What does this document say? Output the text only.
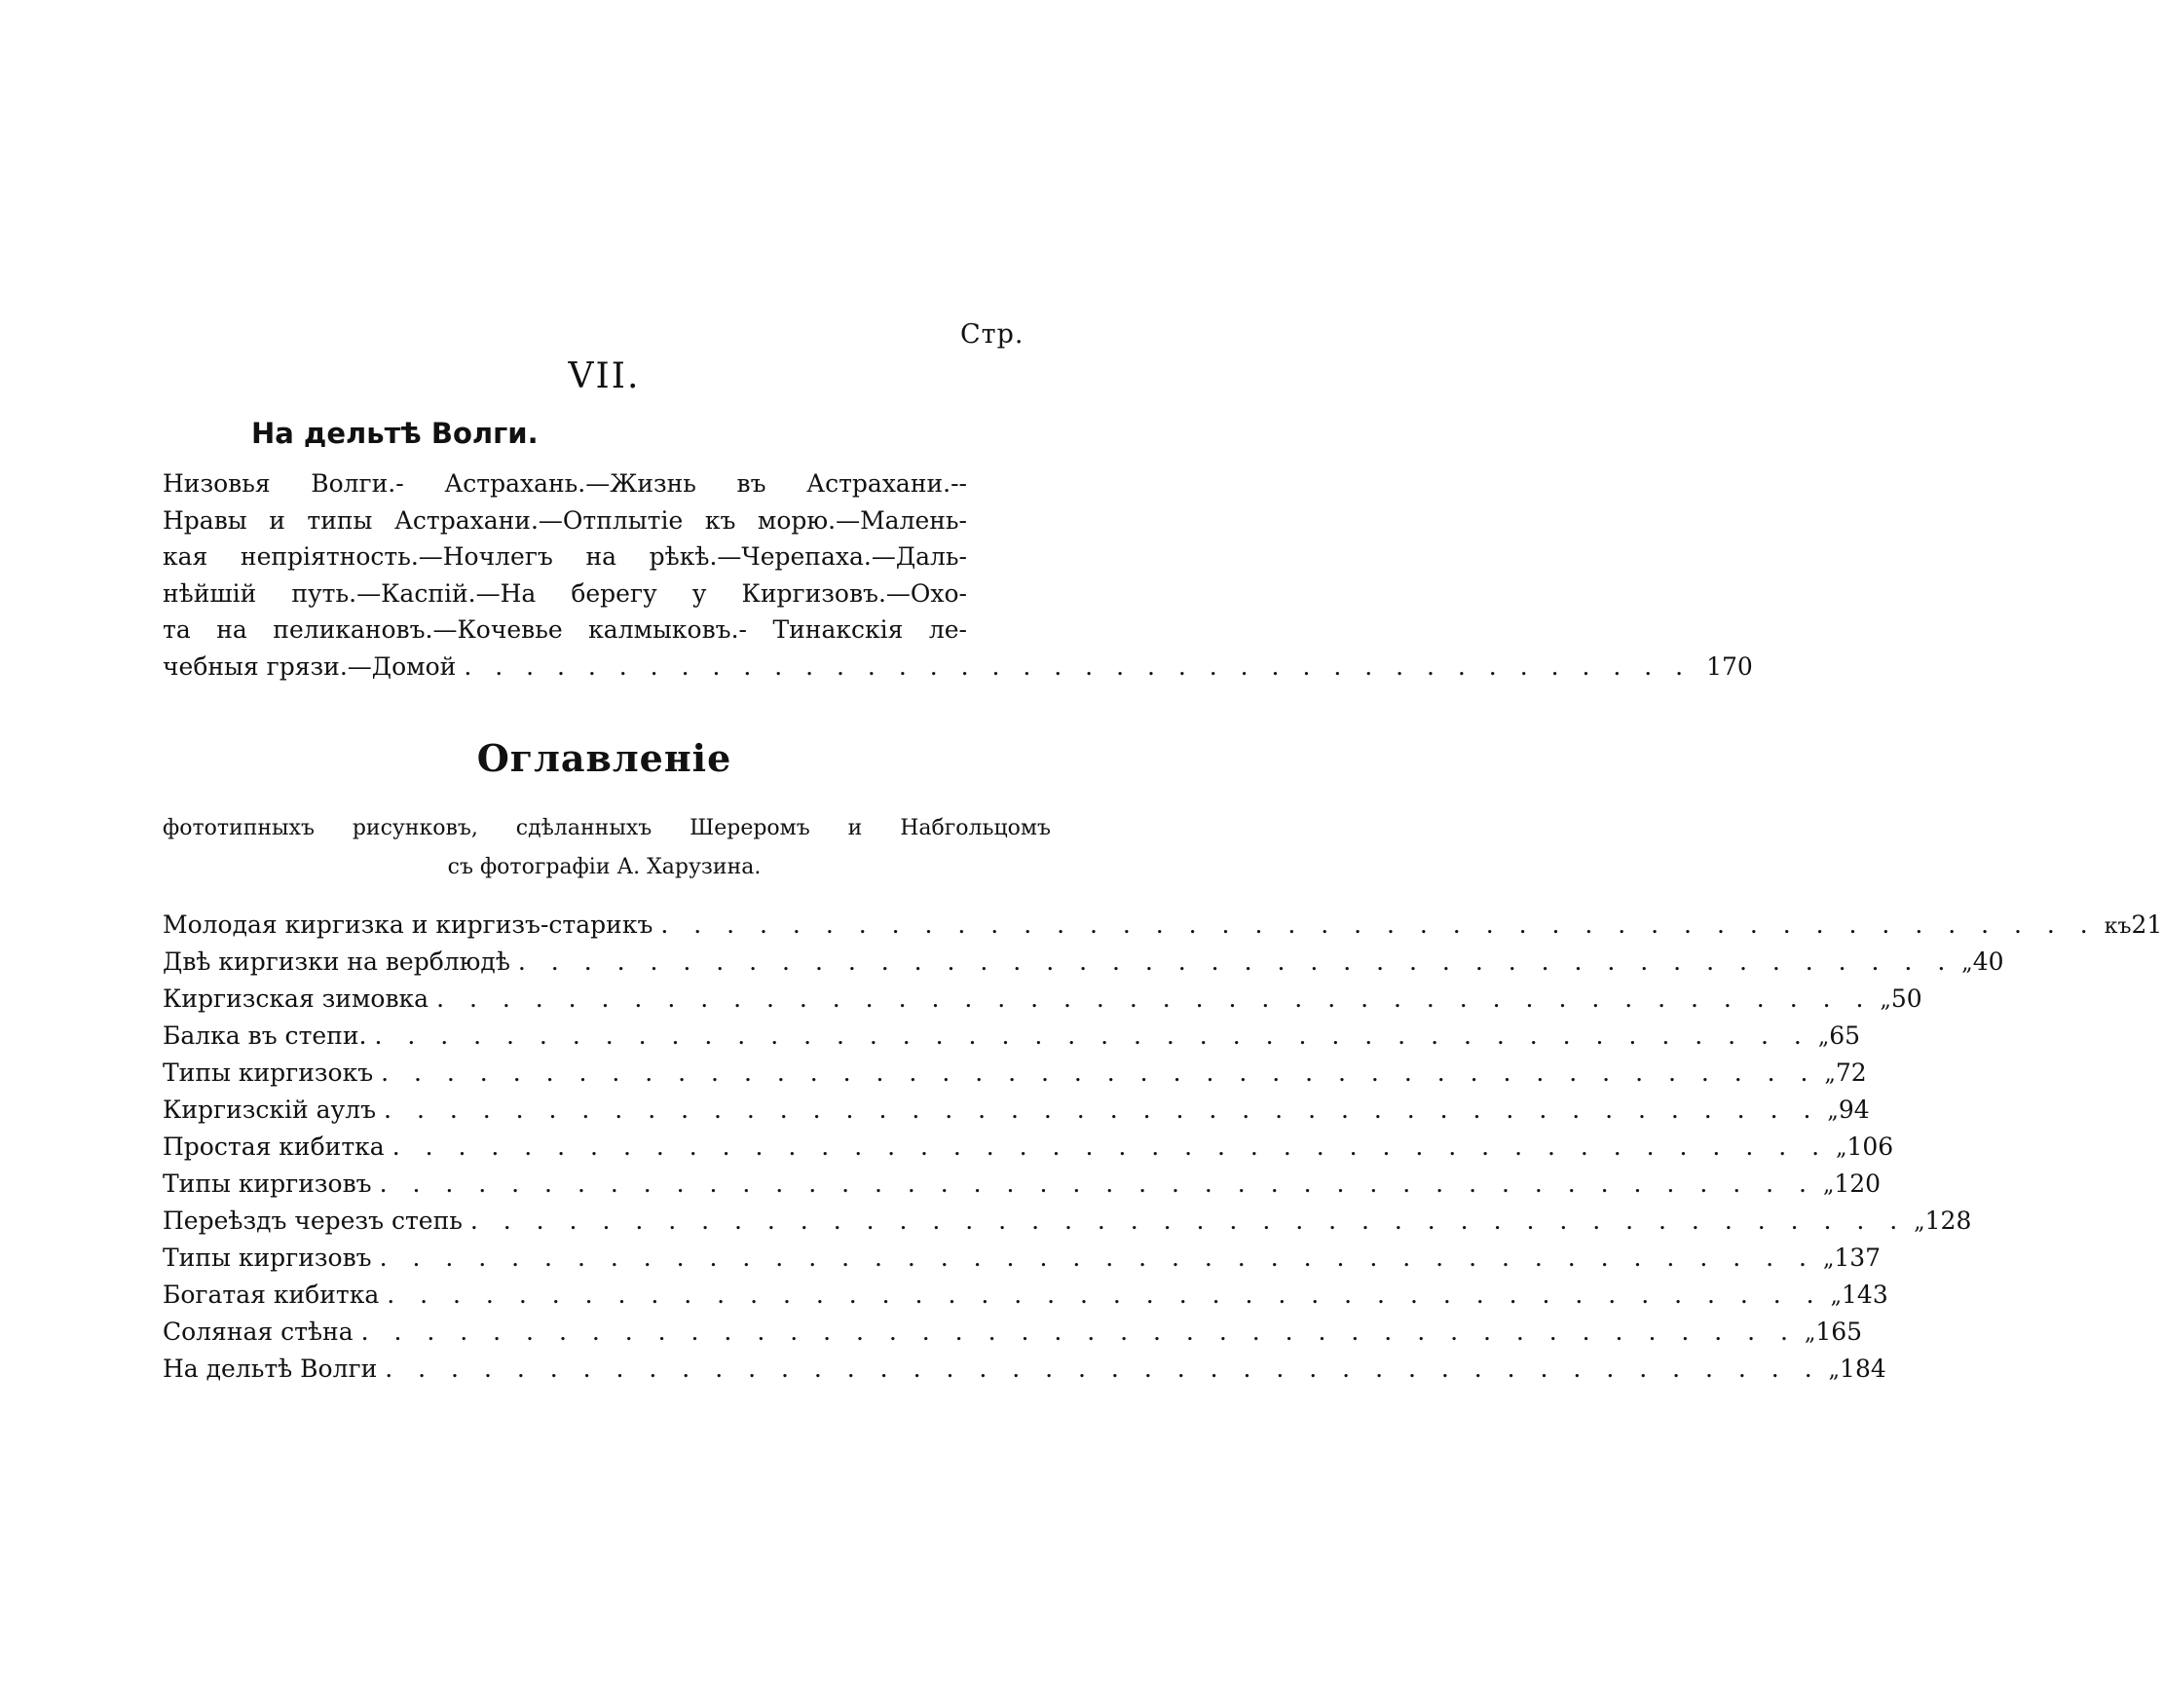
Стр.
VII.
На дельтѣ Волги.
Низовья Волги.- Астрахань.—Жизнь въ Астрахани.--
Нравы и типы Астрахани.—Отплытіе къ морю.—Малень-
кая непріятность.—Ночлегъ на рѣкѣ.—Черепаха.—Даль-
нѣйшій путь.—Каспій.—На берегу у Киргизовъ.—Охо-
та на пеликановъ.—Кочевье калмыковъ.- Тинакскія ле-
чебныя грязи.—Домой . . . . . . . . . . . . . . . . . . . . . . . . . . . . . . . . . . . . . . . . 170
Оглавленіе
фототипныхъ рисунковъ, сдѣланныхъ Шереромъ и Набгольцомъ
съ фотографіи А. Харузина.
Молодая киргизка и киргизъ-старикъ . . . . . . . . . . . . . . . . . . . . . . . . . . . . . . . . . . . . . . . . . . . . къ 21
Двѣ киргизки на верблюдѣ . . . . . . . . . . . . . . . . . . . . . . . . . . . . . . . . . . . . . . . . . . . . „ 40
Киргизская зимовка . . . . . . . . . . . . . . . . . . . . . . . . . . . . . . . . . . . . . . . . . . . . „ 50
Балка въ степи. . . . . . . . . . . . . . . . . . . . . . . . . . . . . . . . . . . . . . . . . . . . . „ 65
Типы киргизокъ . . . . . . . . . . . . . . . . . . . . . . . . . . . . . . . . . . . . . . . . . . . . „ 72
Киргизскій аулъ . . . . . . . . . . . . . . . . . . . . . . . . . . . . . . . . . . . . . . . . . . . . „ 94
Простая кибитка . . . . . . . . . . . . . . . . . . . . . . . . . . . . . . . . . . . . . . . . . . . . „ 106
Типы киргизовъ . . . . . . . . . . . . . . . . . . . . . . . . . . . . . . . . . . . . . . . . . . . . „ 120
Переѣздъ черезъ степь . . . . . . . . . . . . . . . . . . . . . . . . . . . . . . . . . . . . . . . . . . . . „ 128
Типы киргизовъ . . . . . . . . . . . . . . . . . . . . . . . . . . . . . . . . . . . . . . . . . . . . „ 137
Богатая кибитка . . . . . . . . . . . . . . . . . . . . . . . . . . . . . . . . . . . . . . . . . . . . „ 143
Соляная стѣна . . . . . . . . . . . . . . . . . . . . . . . . . . . . . . . . . . . . . . . . . . . . „ 165
На дельтѣ Волги . . . . . . . . . . . . . . . . . . . . . . . . . . . . . . . . . . . . . . . . . . . . „ 184
